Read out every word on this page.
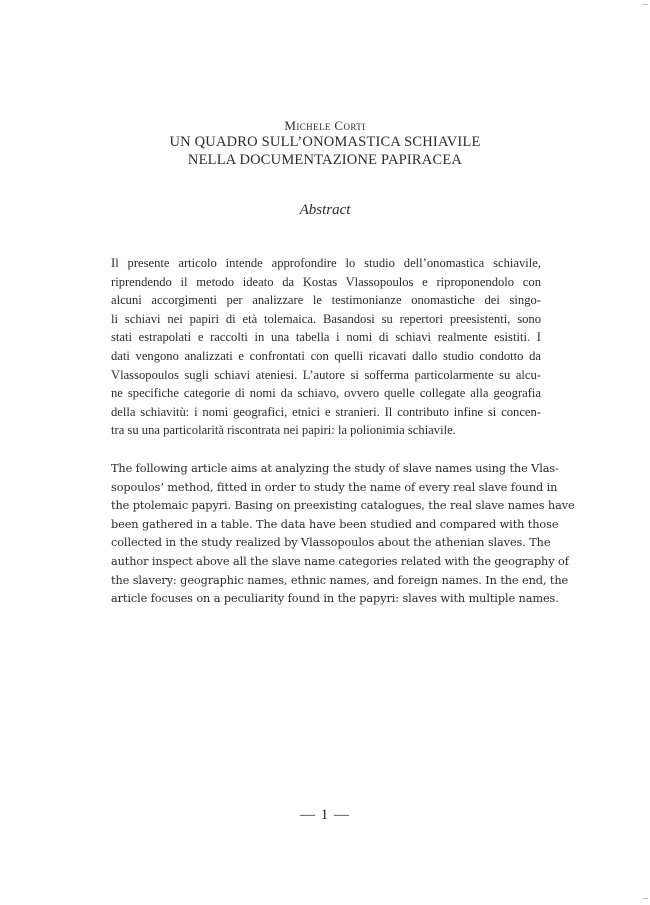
Michele Corti
UN QUADRO SULL’ONOMASTICA SCHIAVILE
NELLA DOCUMENTAZIONE PAPIRACEA
Abstract
Il presente articolo intende approfondire lo studio dell’onomastica schiavile,
riprendendo il metodo ideato da Kostas Vlassopoulos e riproponendolo con
alcuni accorgimenti per analizzare le testimonianze onomastiche dei singo-
li schiavi nei papiri di età tolemaica. Basandosi su repertori preesistenti, sono
stati estrapolati e raccolti in una tabella i nomi di schiavi realmente esistiti. I
dati vengono analizzati e confrontati con quelli ricavati dallo studio condotto da
Vlassopoulos sugli schiavi ateniesi. L’autore si sofferma particolarmente su alcu-
ne specifiche categorie di nomi da schiavo, ovvero quelle collegate alla geografia
della schiavitù: i nomi geografici, etnici e stranieri. Il contributo infine si concen-
tra su una particolarità riscontrata nei papiri: la polionimia schiavile.
The following article aims at analyzing the study of slave names using the Vlas-
sopoulos’ method, fitted in order to study the name of every real slave found in
the ptolemaic papyri. Basing on preexisting catalogues, the real slave names have
been gathered in a table. The data have been studied and compared with those
collected in the study realized by Vlassopoulos about the athenian slaves. The
author inspect above all the slave name categories related with the geography of
the slavery: geographic names, ethnic names, and foreign names. In the end, the
article focuses on a peculiarity found in the papyri: slaves with multiple names.
— 1 —
